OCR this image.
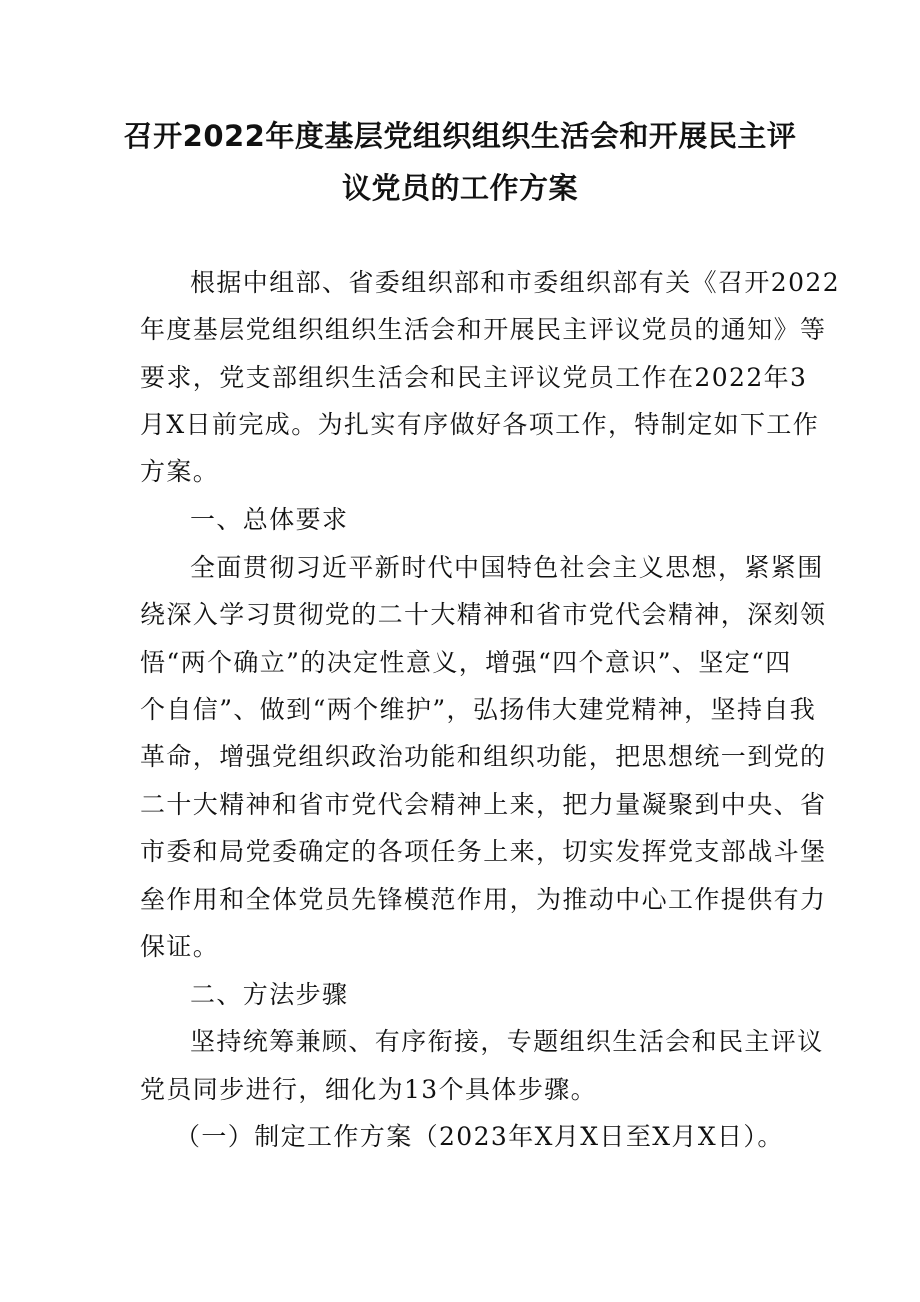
召开2022年度基层党组织组织生活会和开展民主评
议党员的工作方案
根据中组部、省委组织部和市委组织部有关《召开2022
年度基层党组织组织生活会和开展民主评议党员的通知》等
要求，党支部组织生活会和民主评议党员工作在2022年3
月X日前完成。为扎实有序做好各项工作，特制定如下工作
方案。
一、总体要求
全面贯彻习近平新时代中国特色社会主义思想，紧紧围
绕深入学习贯彻党的二十大精神和省市党代会精神，深刻领
悟“两个确立”的决定性意义，增强“四个意识”、坚定“四
个自信”、做到“两个维护”，弘扬伟大建党精神，坚持自我
革命，增强党组织政治功能和组织功能，把思想统一到党的
二十大精神和省市党代会精神上来，把力量凝聚到中央、省
市委和局党委确定的各项任务上来，切实发挥党支部战斗堡
垒作用和全体党员先锋模范作用，为推动中心工作提供有力
保证。
二、方法步骤
坚持统筹兼顾、有序衔接，专题组织生活会和民主评议
党员同步进行，细化为13个具体步骤。
（一）制定工作方案（2023年X月X日至X月X日）。
